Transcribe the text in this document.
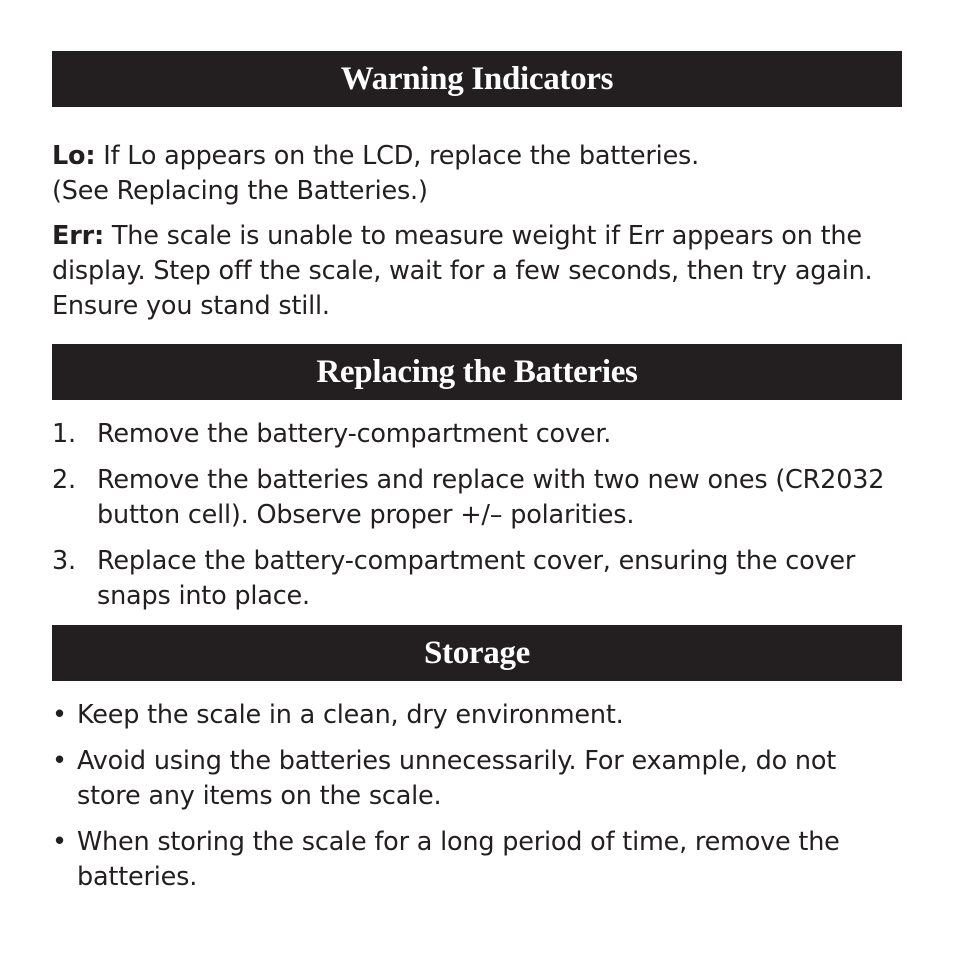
Warning Indicators
Lo: If Lo appears on the LCD, replace the batteries.
(See Replacing the Batteries.)
Err: The scale is unable to measure weight if Err appears on the display. Step off the scale, wait for a few seconds, then try again. Ensure you stand still.
Replacing the Batteries
1. Remove the battery-compartment cover.
2. Remove the batteries and replace with two new ones (CR2032 button cell). Observe proper +/– polarities.
3. Replace the battery-compartment cover, ensuring the cover snaps into place.
Storage
• Keep the scale in a clean, dry environment.
• Avoid using the batteries unnecessarily. For example, do not store any items on the scale.
• When storing the scale for a long period of time, remove the batteries.
